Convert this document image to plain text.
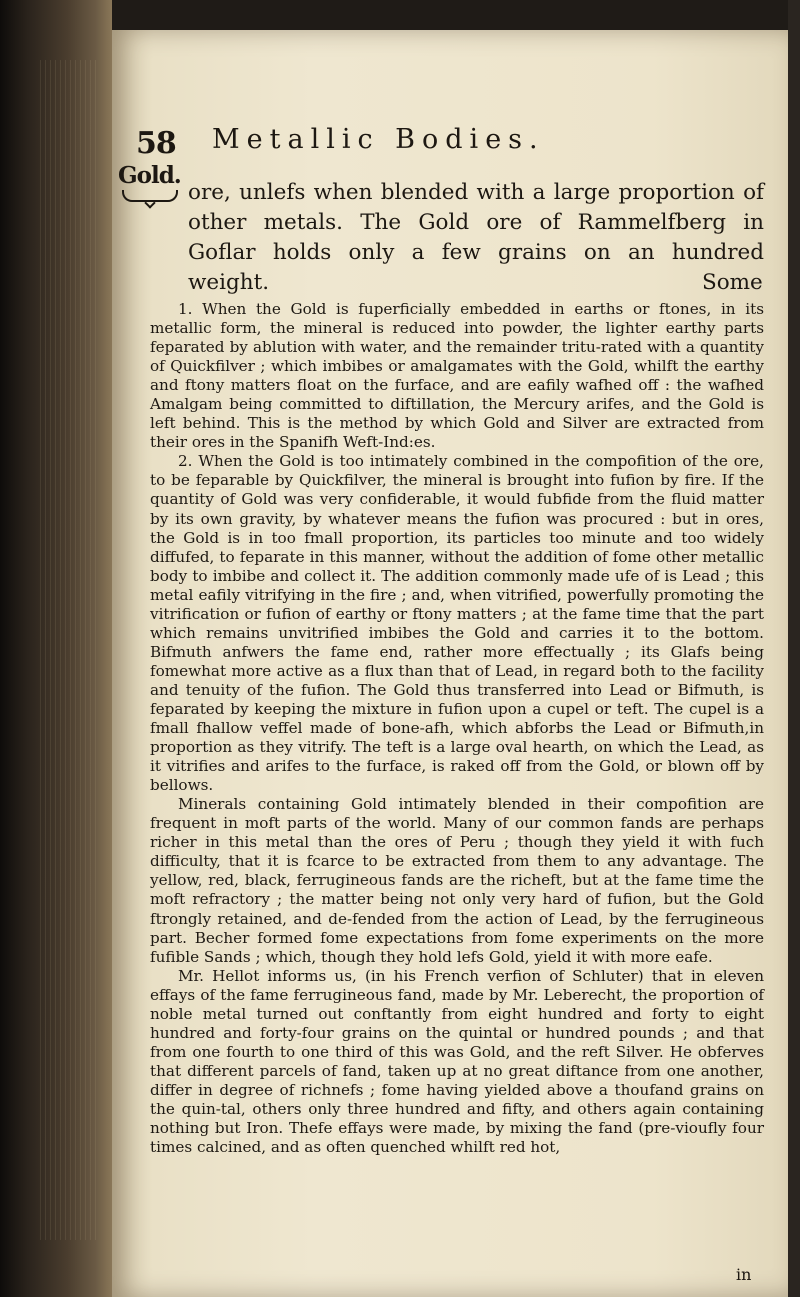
58 Metallic Bodies.
Gold.

ore, unlefs when blended with a large proportion of other metals. The Gold ore of Rammelfberg in Goflar holds only a few grains on an hundred weight.	Some

1. When the Gold is fuperficially embedded in earths or ftones, in its metallic form, the mineral is reduced into powder, the lighter earthy parts feparated by ablution with water, and the remainder tritu-rated with a quantity of Quickfilver ; which imbibes or amalgamates with the Gold, whilft the earthy and ftony matters float on the furface, and are eafily wafhed off : the wafhed Amalgam being committed to diftillation, the Mercury arifes, and the Gold is left behind. This is the method by which Gold and Silver are extracted from their ores in the Spanifh Weft-Ind:es.

2. When the Gold is too intimately combined in the compofition of the ore, to be feparable by Quickfilver, the mineral is brought into fufion by fire. If the quantity of Gold was very confiderable, it would fubfide from the fluid matter by its own gravity, by whatever means the fufion was procured : but in ores, the Gold is in too fmall proportion, its particles too minute and too widely diffufed, to feparate in this manner, without the addition of fome other metallic body to imbibe and collect it. The addition commonly made ufe of is Lead ; this metal eafily vitrifying in the fire ; and, when vitrified, powerfully promoting the vitrification or fufion of earthy or ftony matters ; at the fame time that the part which remains unvitrified imbibes the Gold and carries it to the bottom. Bifmuth anfwers the fame end, rather more effectually ; its Glafs being fomewhat more active as a flux than that of Lead, in regard both to the facility and tenuity of the fufion. The Gold thus transferred into Lead or Bifmuth, is feparated by keeping the mixture in fufion upon a cupel or teft. The cupel is a fmall fhallow veffel made of bone-afh, which abforbs the Lead or Bifmuth,in proportion as they vitrify. The teft is a large oval hearth, on which the Lead, as it vitrifies and arifes to the furface, is raked off from the Gold, or blown off by bellows.

Minerals containing Gold intimately blended in their compofition are frequent in moft parts of the world. Many of our common fands are perhaps richer in this metal than the ores of Peru ; though they yield it with fuch difficulty, that it is fcarce to be extracted from them to any advantage. The yellow, red, black, ferrugineous fands are the richeft, but at the fame time the moft refractory ; the matter being not only very hard of fufion, but the Gold ftrongly retained, and de-fended from the action of Lead, by the ferrugineous part. Becher formed fome expectations from fome experiments on the more fufible Sands ; which, though they hold lefs Gold, yield it with more eafe.

Mr. Hellot informs us, (in his French verfion of Schluter) that in eleven effays of the fame ferrugineous fand, made by Mr. Leberecht, the proportion of noble metal turned out conftantly from eight hundred and forty to eight hundred and forty-four grains on the quintal or hundred pounds ; and that from one fourth to one third of this was Gold, and the reft Silver. He obferves that different parcels of fand, taken up at no great diftance from one another, differ in degree of richnefs ; fome having yielded above a thoufand grains on the quin-tal, others only three hundred and fifty, and others again containing nothing but Iron. Thefe effays were made, by mixing the fand (pre-vioufly four times calcined, and as often quenched whilft red hot,

in
